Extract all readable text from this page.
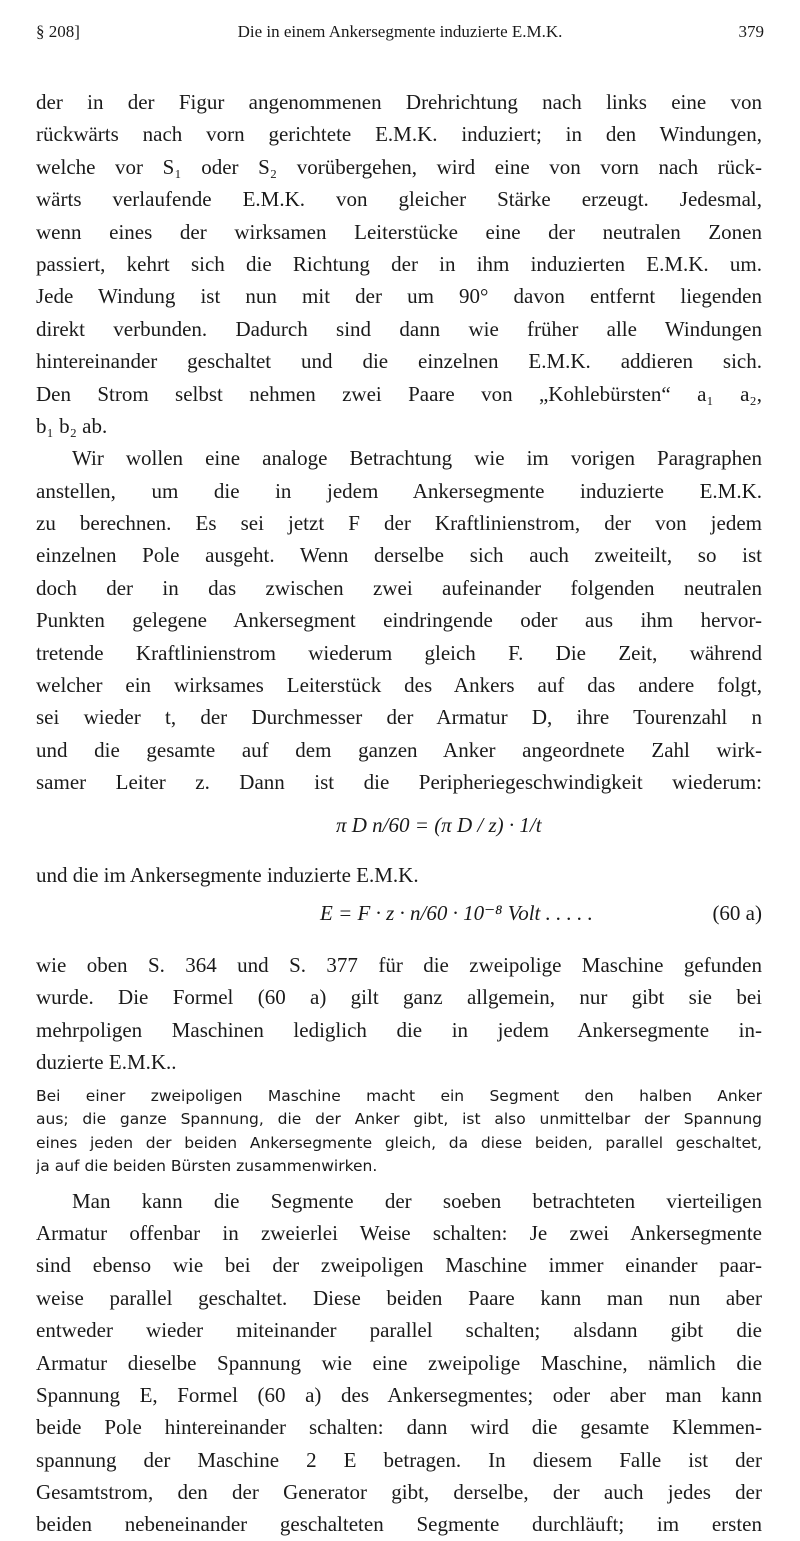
§ 208]	Die in einem Ankersegmente induzierte E.M.K.	379
der in der Figur angenommenen Drehrichtung nach links eine von
rückwärts nach vorn gerichtete E.M.K. induziert; in den Windungen,
welche vor S₁ oder S₂ vorübergehen, wird eine von vorn nach rück-
wärts verlaufende E.M.K. von gleicher Stärke erzeugt. Jedesmal,
wenn eines der wirksamen Leiterstücke eine der neutralen Zonen
passiert, kehrt sich die Richtung der in ihm induzierten E.M.K. um.
Jede Windung ist nun mit der um 90° davon entfernt liegenden
direkt verbunden. Dadurch sind dann wie früher alle Windungen
hintereinander geschaltet und die einzelnen E.M.K. addieren sich.
Den Strom selbst nehmen zwei Paare von „Kohlebürsten“ a₁ a₂,
b₁ b₂ ab.
Wir wollen eine analoge Betrachtung wie im vorigen Paragraphen
anstellen, um die in jedem Ankersegmente induzierte E.M.K.
zu berechnen. Es sei jetzt F der Kraftlinienstrom, der von jedem
einzelnen Pole ausgeht. Wenn derselbe sich auch zweiteilt, so ist
doch der in das zwischen zwei aufeinander folgenden neutralen
Punkten gelegene Ankersegment eindringende oder aus ihm hervor-
tretende Kraftlinienstrom wiederum gleich F. Die Zeit, während
welcher ein wirksames Leiterstück des Ankers auf das andere folgt,
sei wieder t, der Durchmesser der Armatur D, ihre Tourenzahl n
und die gesamte auf dem ganzen Anker angeordnete Zahl wirk-
samer Leiter z. Dann ist die Peripheriegeschwindigkeit wiederum:
π D n/60 = (π D / z) · 1/t
und die im Ankersegmente induzierte E.M.K.
E = F · z · n/60 · 10⁻⁸ Volt . . . . .	(60 a)
wie oben S. 364 und S. 377 für die zweipolige Maschine gefunden
wurde. Die Formel (60 a) gilt ganz allgemein, nur gibt sie bei
mehrpoligen Maschinen lediglich die in jedem Ankersegmente in-
duzierte E.M.K..
Bei einer zweipoligen Maschine macht ein Segment den halben Anker
aus; die ganze Spannung, die der Anker gibt, ist also unmittelbar der Spannung
eines jeden der beiden Ankersegmente gleich, da diese beiden, parallel geschaltet,
ja auf die beiden Bürsten zusammenwirken.
Man kann die Segmente der soeben betrachteten vierteiligen
Armatur offenbar in zweierlei Weise schalten: Je zwei Ankersegmente
sind ebenso wie bei der zweipoligen Maschine immer einander paar-
weise parallel geschaltet. Diese beiden Paare kann man nun aber
entweder wieder miteinander parallel schalten; alsdann gibt die
Armatur dieselbe Spannung wie eine zweipolige Maschine, nämlich die
Spannung E, Formel (60 a) des Ankersegmentes; oder aber man kann
beide Pole hintereinander schalten: dann wird die gesamte Klemmen-
spannung der Maschine 2 E betragen. In diesem Falle ist der
Gesamtstrom, den der Generator gibt, derselbe, der auch jedes der
beiden nebeneinander geschalteten Segmente durchläuft; im ersten
